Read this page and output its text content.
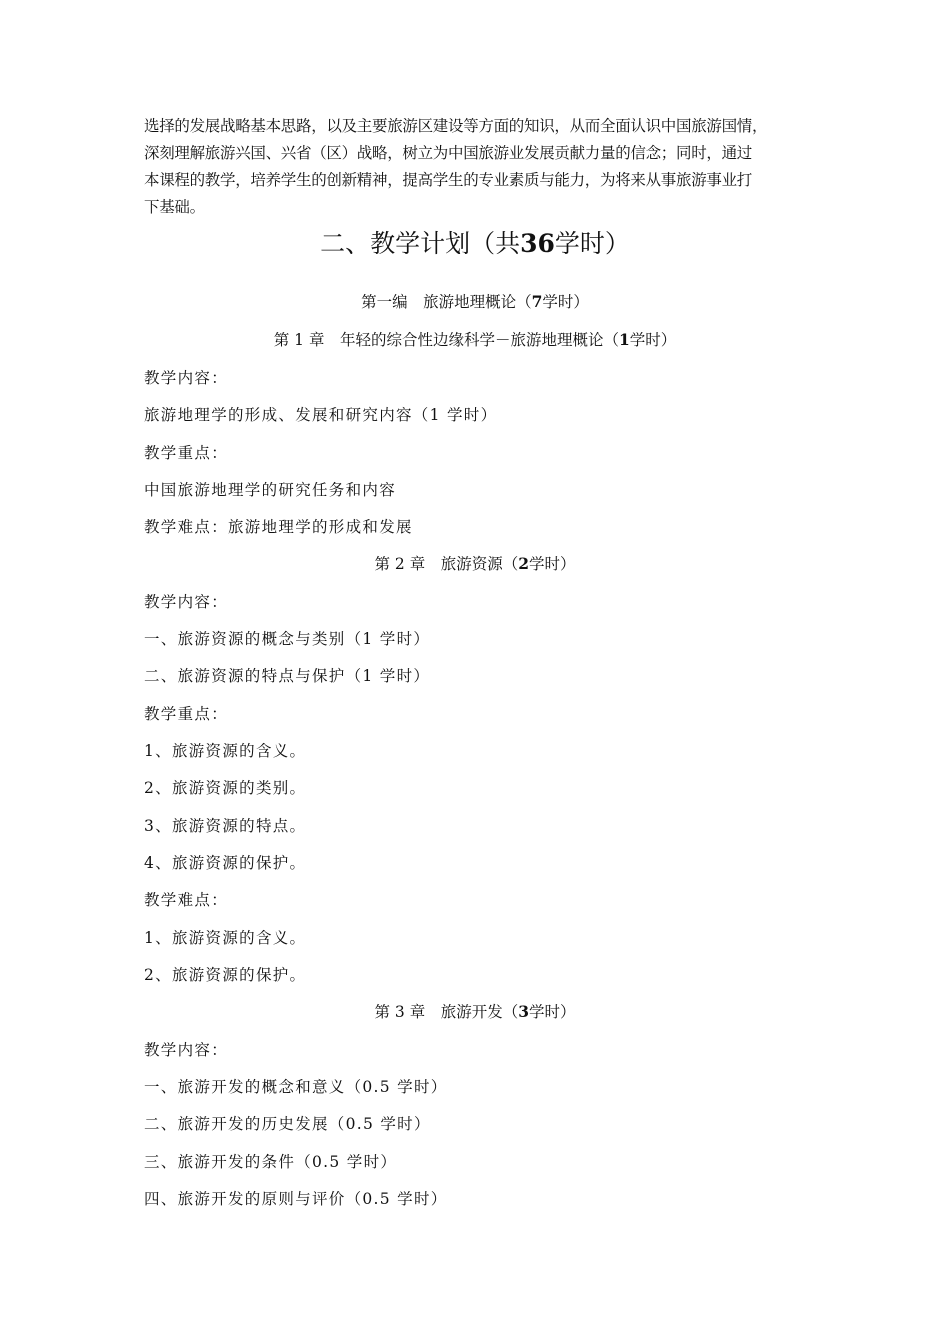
选择的发展战略基本思路，以及主要旅游区建设等方面的知识，从而全面认识中国旅游国情，
深刻理解旅游兴国、兴省（区）战略，树立为中国旅游业发展贡献力量的信念；同时，通过
本课程的教学，培养学生的创新精神，提高学生的专业素质与能力，为将来从事旅游事业打
下基础。
二、教学计划（共36学时）
第一编　旅游地理概论（7学时）
第 1 章　年轻的综合性边缘科学－旅游地理概论（1学时）
教学内容：
旅游地理学的形成、发展和研究内容（1 学时）
教学重点：
中国旅游地理学的研究任务和内容
教学难点：旅游地理学的形成和发展
第 2 章　旅游资源（2学时）
教学内容：
一、旅游资源的概念与类别（1 学时）
二、旅游资源的特点与保护（1 学时）
教学重点：
1、旅游资源的含义。
2、旅游资源的类别。
3、旅游资源的特点。
4、旅游资源的保护。
教学难点：
1、旅游资源的含义。
2、旅游资源的保护。
第 3 章　旅游开发（3学时）
教学内容：
一、旅游开发的概念和意义（0.5 学时）
二、旅游开发的历史发展（0.5 学时）
三、旅游开发的条件（0.5 学时）
四、旅游开发的原则与评价（0.5 学时）
